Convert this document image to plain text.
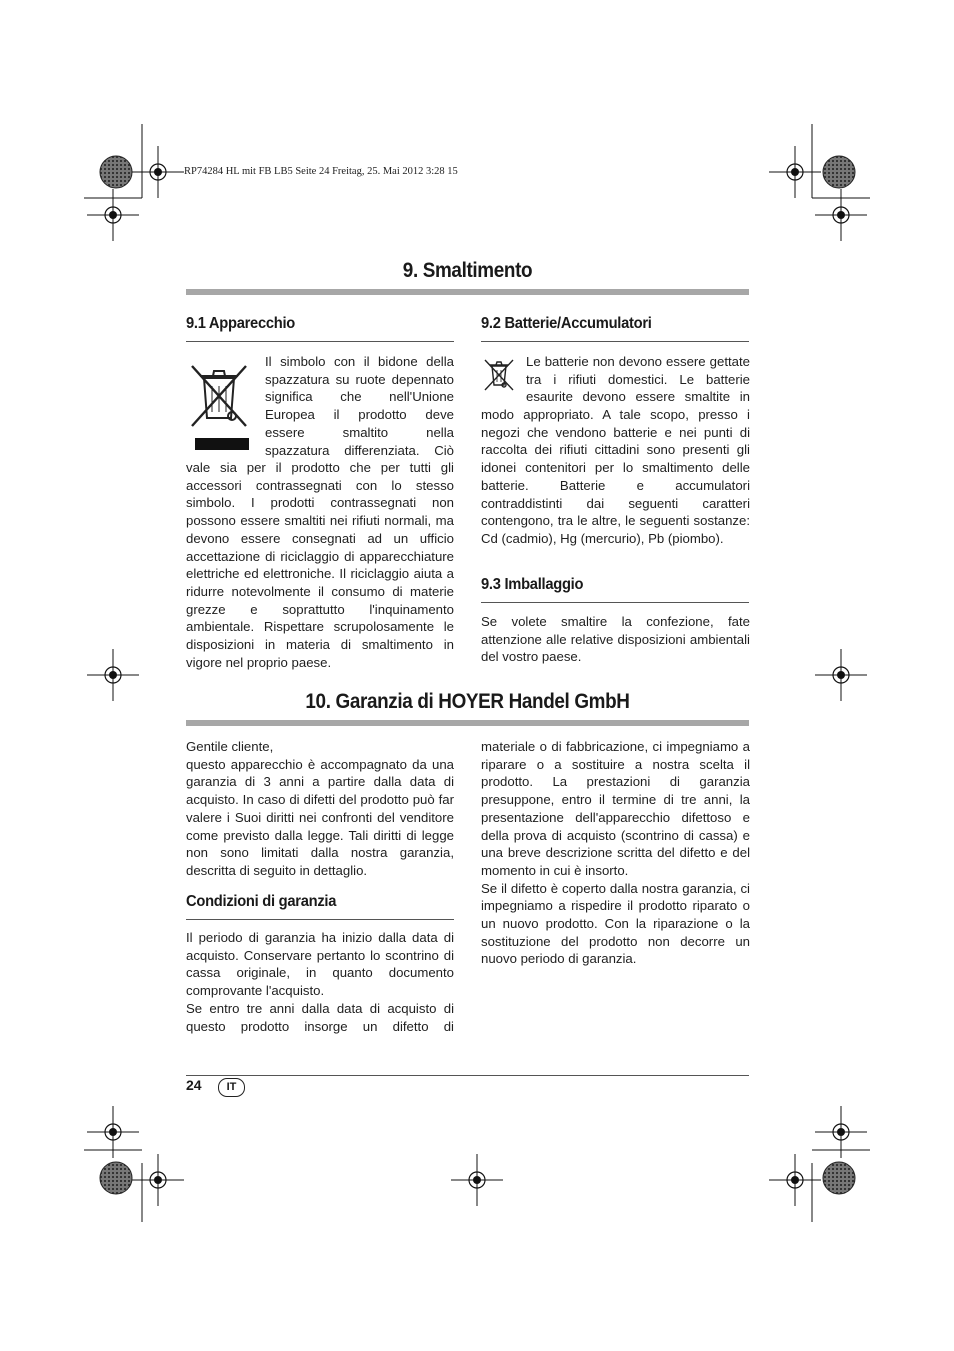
RP74284 HL mit FB LB5 Seite 24 Freitag, 25. Mai 2012 3:28 15
9. Smaltimento
9.1 Apparecchio

Il simbolo con il bidone della

spazzatura su ruote depennato

significa che nell'Unione

Europea il prodotto deve

essere smaltito nella

spazzatura differenziata. Ciò

vale sia per il prodotto che per tutti gli accessori contrassegnati con lo stesso simbolo. I prodotti contrassegnati non possono essere smaltiti nei rifiuti normali, ma devono essere consegnati ad un ufficio accettazione di riciclaggio di apparecchiature elettriche ed elettroniche. Il riciclaggio aiuta a ridurre notevolmente il consumo di materie grezze e soprattutto l'inquinamento ambientale. Rispettare scrupolosamente le disposizioni in materia di smaltimento in vigore nel proprio paese.

9.2 Batterie/Accumulatori

Le batterie non devono essere gettate

tra i rifiuti domestici. Le batterie

esaurite devono essere smaltite in

modo appropriato. A tale scopo, presso i negozi che vendono batterie e nei punti di raccolta dei rifiuti cittadini sono presenti gli idonei contenitori per lo smaltimento delle batterie. Batterie e accumulatori contraddistinti dai seguenti caratteri contengono, tra le altre, le seguenti sostanze: Cd (cadmio), Hg (mercurio), Pb (piombo).

9.3 Imballaggio

Se volete smaltire la confezione, fate attenzione alle relative disposizioni ambientali del vostro paese.

10. Garanzia di HOYER Handel GmbH

Gentile cliente,

questo apparecchio è accompagnato da una garanzia di 3 anni a partire dalla data di acquisto. In caso di difetti del prodotto può far valere i Suoi diritti nei confronti del venditore come previsto dalla legge. Tali diritti di legge non sono limitati dalla nostra garanzia, descritta di seguito in dettaglio.

Condizioni di garanzia

Il periodo di garanzia ha inizio dalla data di acquisto. Conservare pertanto lo scontrino di cassa originale, in quanto documento comprovante l'acquisto.

Se entro tre anni dalla data di acquisto di questo prodotto insorge un difetto di

materiale o di fabbricazione, ci impegniamo a riparare o a sostituire a nostra scelta il prodotto. La prestazioni di garanzia presuppone, entro il termine di tre anni, la presentazione dell'apparecchio difettoso e della prova di acquisto (scontrino di cassa) e una breve descrizione scritta del difetto e del momento in cui è insorto.

Se il difetto è coperto dalla nostra garanzia, ci impegniamo a rispedire il prodotto riparato o un nuovo prodotto. Con la riparazione o la sostituzione del prodotto non decorre un nuovo periodo di garanzia.

24	IT
